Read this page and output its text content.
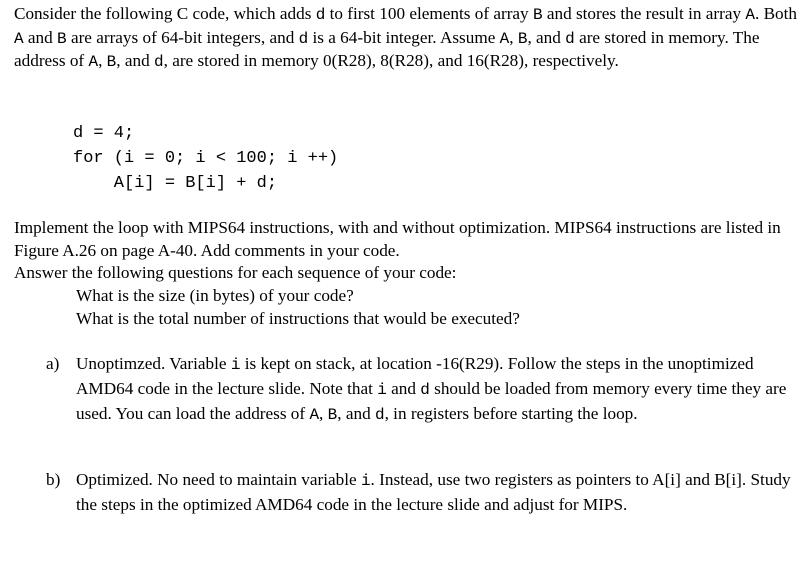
Consider the following C code, which adds d to first 100 elements of array B and stores the result in array A. Both A and B are arrays of 64-bit integers, and d is a 64-bit integer. Assume A, B, and d are stored in memory. The address of A, B, and d, are stored in memory 0(R28), 8(R28), and 16(R28), respectively.
d = 4;
for (i = 0; i < 100; i ++)
A[i] = B[i] + d;
Implement the loop with MIPS64 instructions, with and without optimization. MIPS64 instructions are listed in Figure A.26 on page A-40. Add comments in your code.
Answer the following questions for each sequence of your code:
What is the size (in bytes) of your code?
What is the total number of instructions that would be executed?
a) Unoptimzed. Variable i is kept on stack, at location -16(R29). Follow the steps in the unoptimized AMD64 code in the lecture slide. Note that i and d should be loaded from memory every time they are used. You can load the address of A, B, and d, in registers before starting the loop.
b) Optimized. No need to maintain variable i. Instead, use two registers as pointers to A[i] and B[i]. Study the steps in the optimized AMD64 code in the lecture slide and adjust for MIPS.
